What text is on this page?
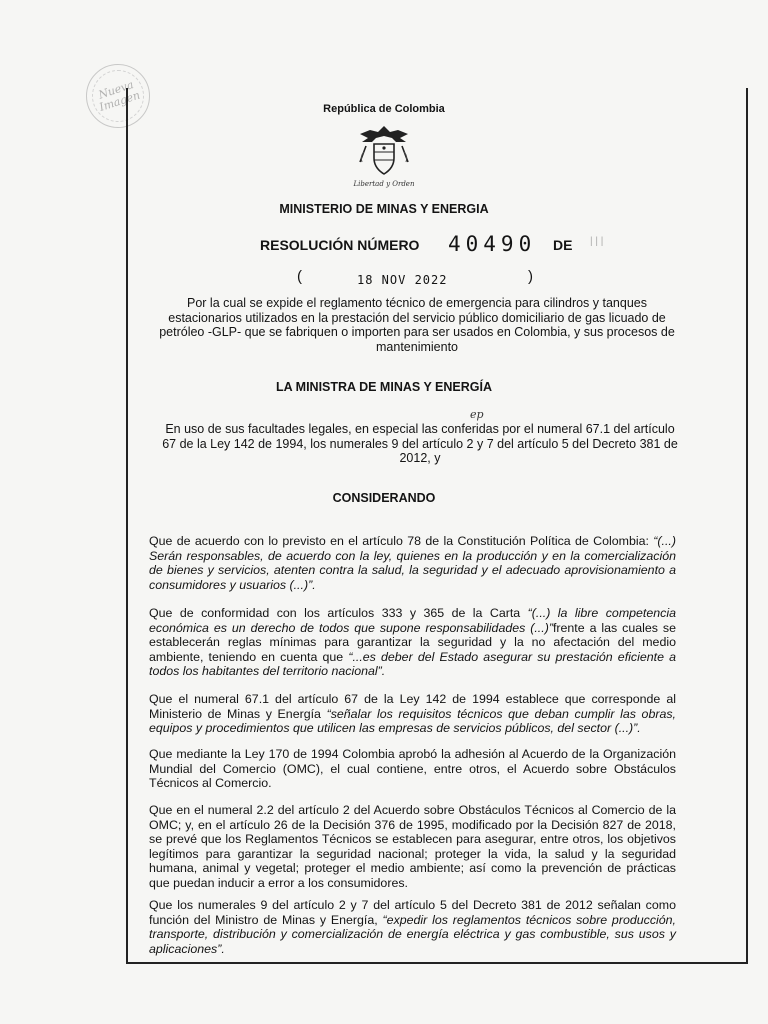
Nueva Imagen	República de Colombia
Libertad y Orden
MINISTERIO DE MINAS Y ENERGIA
RESOLUCIÓN NÚMERO 40490 DE | | |
(	18 NOV 2022	)
Por la cual se expide el reglamento técnico de emergencia para cilindros y tanques estacionarios utilizados en la prestación del servicio público domiciliario de gas licuado de petróleo -GLP- que se fabriquen o importen para ser usados en Colombia, y sus procesos de mantenimiento
LA MINISTRA DE MINAS Y ENERGÍA
ep
En uso de sus facultades legales, en especial las conferidas por el numeral 67.1 del artículo 67 de la Ley 142 de 1994, los numerales 9 del artículo 2 y 7 del artículo 5 del Decreto 381 de 2012, y
CONSIDERANDO
Que de acuerdo con lo previsto en el artículo 78 de la Constitución Política de Colombia: “(...) Serán responsables, de acuerdo con la ley, quienes en la producción y en la comercialización de bienes y servicios, atenten contra la salud, la seguridad y el adecuado aprovisionamiento a consumidores y usuarios (...)”.
Que de conformidad con los artículos 333 y 365 de la Carta “(...) la libre competencia económica es un derecho de todos que supone responsabilidades (...)”frente a las cuales se establecerán reglas mínimas para garantizar la seguridad y la no afectación del medio ambiente, teniendo en cuenta que “...es deber del Estado asegurar su prestación eficiente a todos los habitantes del territorio nacional”.
Que el numeral 67.1 del artículo 67 de la Ley 142 de 1994 establece que corresponde al Ministerio de Minas y Energía “señalar los requisitos técnicos que deban cumplir las obras, equipos y procedimientos que utilicen las empresas de servicios públicos, del sector (...)”.
Que mediante la Ley 170 de 1994 Colombia aprobó la adhesión al Acuerdo de la Organización Mundial del Comercio (OMC), el cual contiene, entre otros, el Acuerdo sobre Obstáculos Técnicos al Comercio.
Que en el numeral 2.2 del artículo 2 del Acuerdo sobre Obstáculos Técnicos al Comercio de la OMC; y, en el artículo 26 de la Decisión 376 de 1995, modificado por la Decisión 827 de 2018, se prevé que los Reglamentos Técnicos se establecen para asegurar, entre otros, los objetivos legítimos para garantizar la seguridad nacional; proteger la vida, la salud y la seguridad humana, animal y vegetal; proteger el medio ambiente; así como la prevención de prácticas que puedan inducir a error a los consumidores.
Que los numerales 9 del artículo 2 y 7 del artículo 5 del Decreto 381 de 2012 señalan como función del Ministro de Minas y Energía, “expedir los reglamentos técnicos sobre producción, transporte, distribución y comercialización de energía eléctrica y gas combustible, sus usos y aplicaciones”.
